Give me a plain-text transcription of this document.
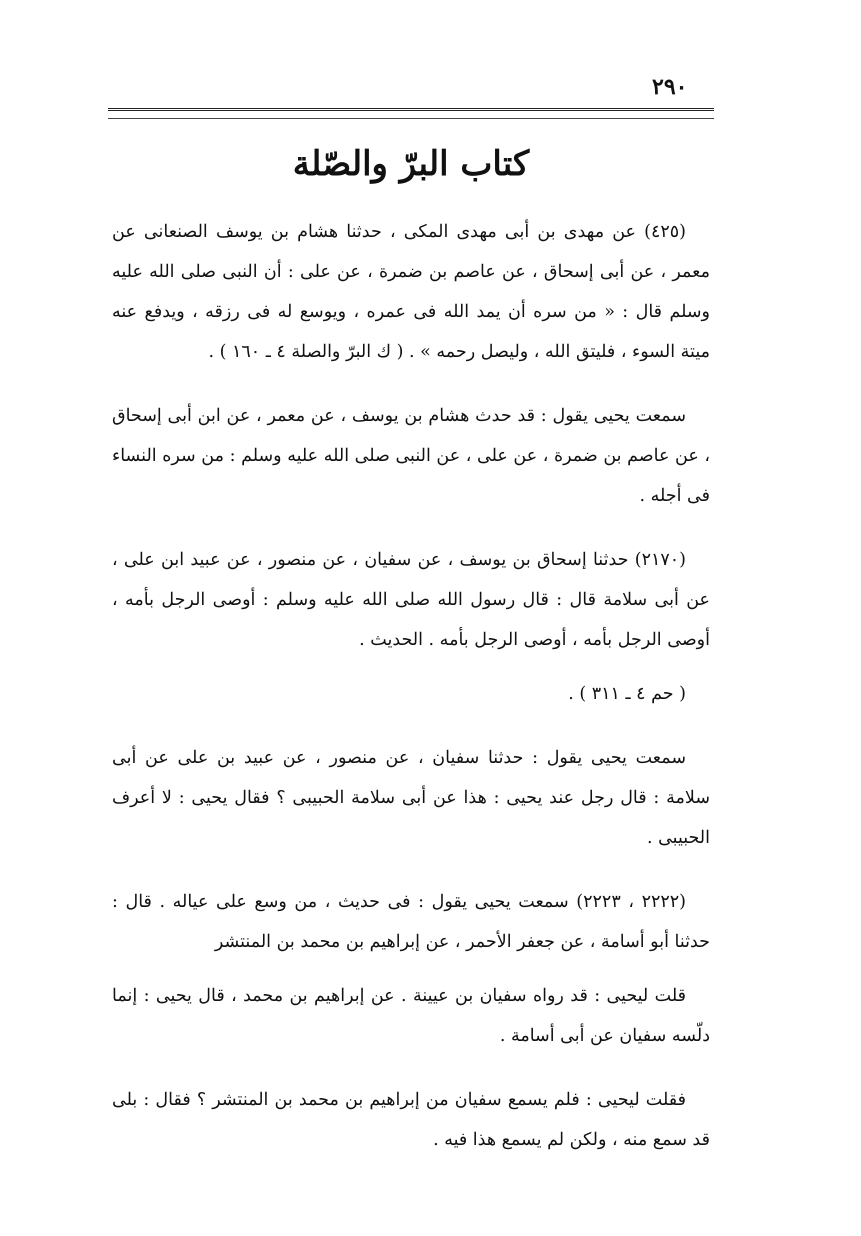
٢٩٠
كتاب البرّ والصّلة

(٤٢٥) عن مهدى بن أبى مهدى المكى ، حدثنا هشام بن يوسف الصنعانى عن معمر ، عن أبى إسحاق ، عن عاصم بن ضمرة ، عن على : أن النبى صلى الله عليه وسلم قال : « من سره أن يمد الله فى عمره ، ويوسع له فى رزقه ، ويدفع عنه ميتة السوء ، فليتق الله ، وليصل رحمه » . ( ك البرّ والصلة ٤ ـ ١٦٠ ) .

سمعت يحيى يقول : قد حدث هشام بن يوسف ، عن معمر ، عن ابن أبى إسحاق ، عن عاصم بن ضمرة ، عن على ، عن النبى صلى الله عليه وسلم : من سره النساء فى أجله .

(٢١٧٠) حدثنا إسحاق بن يوسف ، عن سفيان ، عن منصور ، عن عبيد ابن على ، عن أبى سلامة قال : قال رسول الله صلى الله عليه وسلم : أوصى الرجل بأمه ، أوصى الرجل بأمه ، أوصى الرجل بأمه . الحديث .

( حم ٤ ـ ٣١١ ) .

سمعت يحيى يقول : حدثنا سفيان ، عن منصور ، عن عبيد بن على عن أبى سلامة : قال رجل عند يحيى : هذا عن أبى سلامة الحبيبى ؟ فقال يحيى : لا أعرف الحبيبى .

(٢٢٢٢ ، ٢٢٢٣) سمعت يحيى يقول : فى حديث ، من وسع على عياله . قال : حدثنا أبو أسامة ، عن جعفر الأحمر ، عن إبراهيم بن محمد بن المنتشر

قلت ليحيى : قد رواه سفيان بن عيينة . عن إبراهيم بن محمد ، قال يحيى : إنما دلّسه سفيان عن أبى أسامة .

فقلت ليحيى : فلم يسمع سفيان من إبراهيم بن محمد بن المنتشر ؟ فقال : بلى قد سمع منه ، ولكن لم يسمع هذا فيه .
